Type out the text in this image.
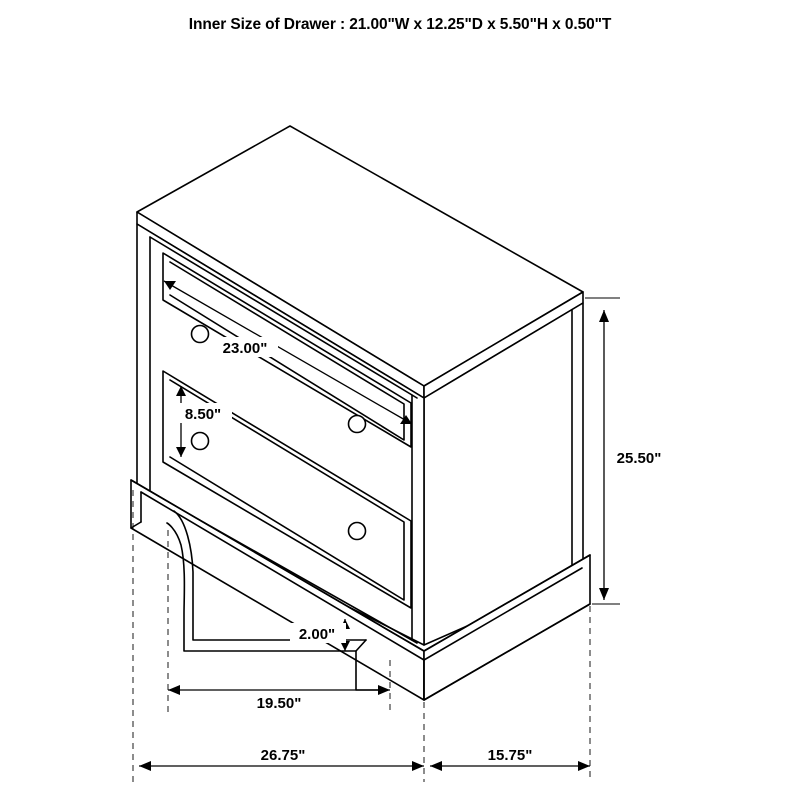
Inner Size of Drawer : 21.00"W x 12.25"D x 5.50"H x 0.50"T
23.00"
8.50"
2.00"
19.50"
26.75"	15.75"
25.50"
